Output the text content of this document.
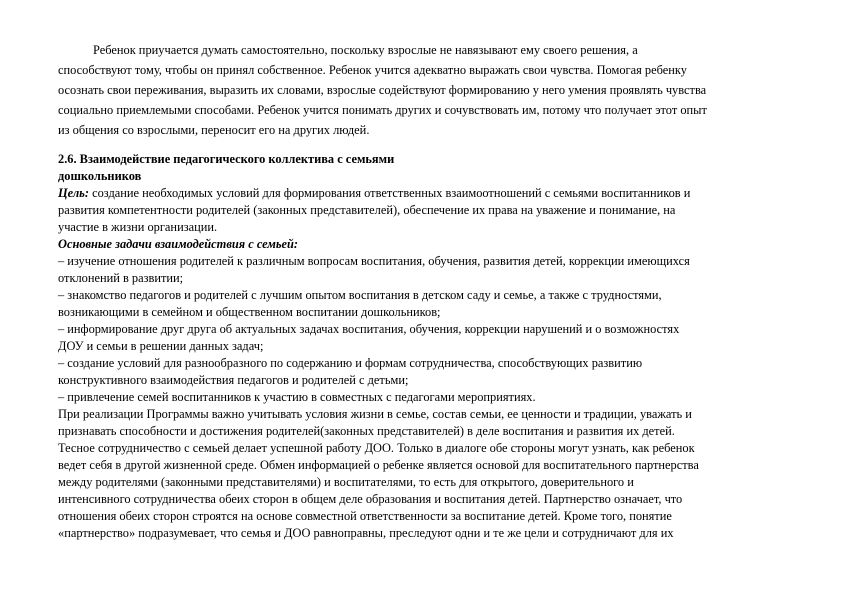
Ребенок приучается думать самостоятельно, поскольку взрослые не навязывают ему своего решения, а
способствуют тому, чтобы он принял собственное. Ребенок учится адекватно выражать свои чувства. Помогая ребенку
осознать свои переживания, выразить их словами, взрослые содействуют формированию у него умения проявлять чувства
социально приемлемыми способами. Ребенок учится понимать других и сочувствовать им, потому что получает этот опыт
из общения со взрослыми, переносит его на других людей.
2.6. Взаимодействие педагогического коллектива с семьями
дошкольников
Цель: создание необходимых условий для формирования ответственных взаимоотношений с семьями воспитанников и
развития компетентности родителей (законных представителей), обеспечение их права на уважение и понимание, на
участие в жизни организации.
Основные задачи взаимодействия с семьей:
– изучение отношения родителей к различным вопросам воспитания, обучения, развития детей, коррекции имеющихся
отклонений в развитии;
– знакомство педагогов и родителей с лучшим опытом воспитания в детском саду и семье, а также с трудностями,
возникающими в семейном и общественном воспитании дошкольников;
– информирование друг друга об актуальных задачах воспитания, обучения, коррекции нарушений и о возможностях
ДОУ и семьи в решении данных задач;
– создание условий для разнообразного по содержанию и формам сотрудничества, способствующих развитию
конструктивного взаимодействия педагогов и родителей с детьми;
– привлечение семей воспитанников к участию в совместных с педагогами мероприятиях.
При реализации Программы важно учитывать условия жизни в семье, состав семьи, ее ценности и традиции, уважать и
признавать способности и достижения родителей(законных представителей) в деле воспитания и развития их детей.
Тесное сотрудничество с семьей делает успешной работу ДОО. Только в диалоге обе стороны могут узнать, как ребенок
ведет себя в другой жизненной среде. Обмен информацией о ребенке является основой для воспитательного партнерства
между родителями (законными представителями) и воспитателями, то есть для открытого, доверительного и
интенсивного сотрудничества обеих сторон в общем деле образования и воспитания детей. Партнерство означает, что
отношения обеих сторон строятся на основе совместной ответственности за воспитание детей. Кроме того, понятие
«партнерство» подразумевает, что семья и ДОО равноправны, преследуют одни и те же цели и сотрудничают для их
